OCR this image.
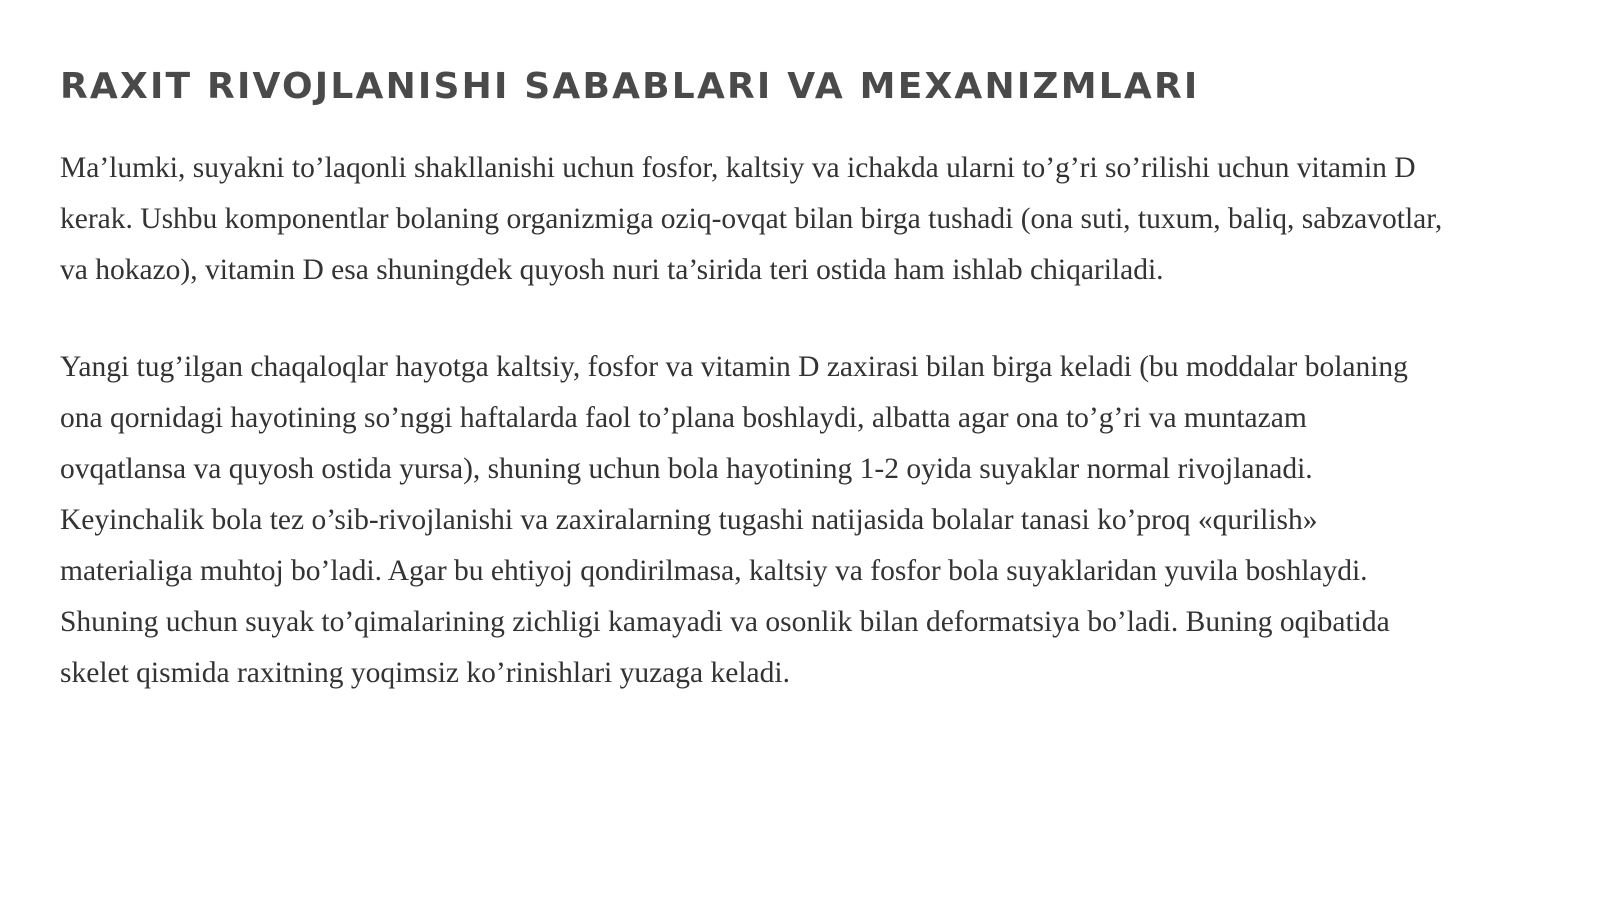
RAXIT RIVOJLANISHI SABABLARI VA MEXANIZMLARI

Ma’lumki, suyakni to’laqonli shakllanishi uchun fosfor, kaltsiy va ichakda ularni to’g’ri so’rilishi uchun vitamin D kerak. Ushbu komponentlar bolaning organizmiga oziq-ovqat bilan birga tushadi (ona suti, tuxum, baliq, sabzavotlar, va hokazo), vitamin D esa shuningdek quyosh nuri ta’sirida teri ostida ham ishlab chiqariladi.

Yangi tug’ilgan chaqaloqlar hayotga kaltsiy, fosfor va vitamin D zaxirasi bilan birga keladi (bu moddalar bolaning ona qornidagi hayotining so’nggi haftalarda faol to’plana boshlaydi, albatta agar ona to’g’ri va muntazam ovqatlansa va quyosh ostida yursa), shuning uchun bola hayotining 1-2 oyida suyaklar normal rivojlanadi. Keyinchalik bola tez o’sib-rivojlanishi va zaxiralarning tugashi natijasida bolalar tanasi ko’proq «qurilish» materialiga muhtoj bo’ladi. Agar bu ehtiyoj qondirilmasa, kaltsiy va fosfor bola suyaklaridan yuvila boshlaydi. Shuning uchun suyak to’qimalarining zichligi kamayadi va osonlik bilan deformatsiya bo’ladi. Buning oqibatida skelet qismida raxitning yoqimsiz ko’rinishlari yuzaga keladi.
